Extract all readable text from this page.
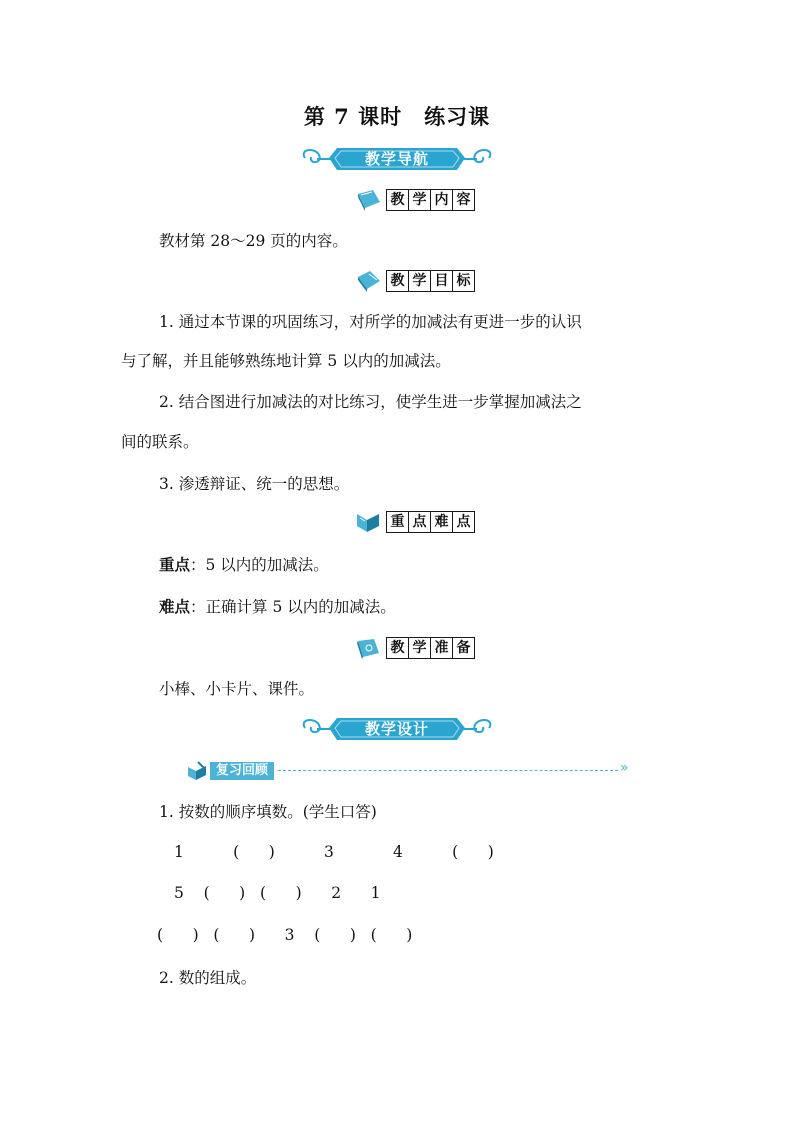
第 7 课时　练习课
教学导航
教 学 内 容
教材第 28～29 页的内容。
教 学 目 标
1. 通过本节课的巩固练习，对所学的加减法有更进一步的认识
与了解，并且能够熟练地计算 5 以内的加减法。
2. 结合图进行加减法的对比练习，使学生进一步掌握加减法之
间的联系。
3. 渗透辩证、统一的思想。
重 点 难 点
重点：5 以内的加减法。
难点：正确计算 5 以内的加减法。
教 学 准 备
小棒、小卡片、课件。
教学设计
复习回顾	»
1. 按数的顺序填数。(学生口答)
1          (      )          3            4          (      )
5    (      )   (      )      2      1
(      )   (      )      3    (      )   (      )
2. 数的组成。
